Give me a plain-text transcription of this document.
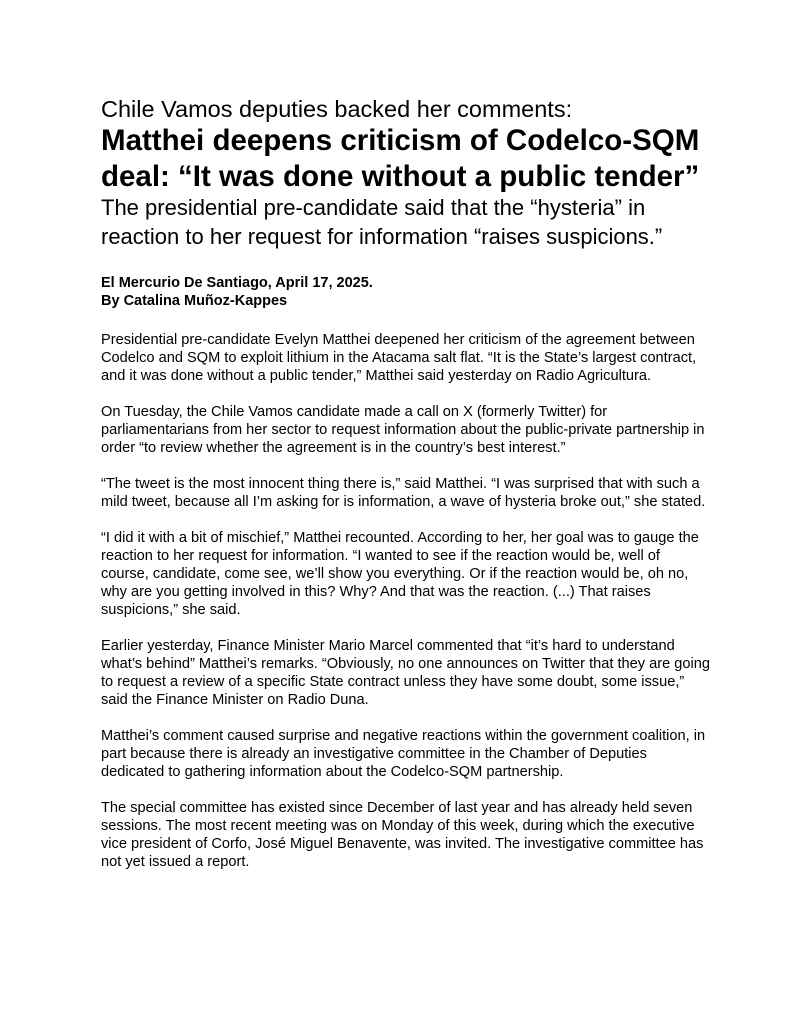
Chile Vamos deputies backed her comments:
Matthei deepens criticism of Codelco-SQM deal: “It was done without a public tender”
The presidential pre-candidate said that the “hysteria” in reaction to her request for information “raises suspicions.”
El Mercurio De Santiago, April 17, 2025.
By Catalina Muñoz-Kappes

Presidential pre-candidate Evelyn Matthei deepened her criticism of the agreement between Codelco and SQM to exploit lithium in the Atacama salt flat. “It is the State’s largest contract, and it was done without a public tender,” Matthei said yesterday on Radio Agricultura.

On Tuesday, the Chile Vamos candidate made a call on X (formerly Twitter) for parliamentarians from her sector to request information about the public-private partnership in order “to review whether the agreement is in the country’s best interest.”

“The tweet is the most innocent thing there is,” said Matthei. “I was surprised that with such a mild tweet, because all I’m asking for is information, a wave of hysteria broke out,” she stated.

“I did it with a bit of mischief,” Matthei recounted. According to her, her goal was to gauge the reaction to her request for information. “I wanted to see if the reaction would be, well of course, candidate, come see, we’ll show you everything. Or if the reaction would be, oh no, why are you getting involved in this? Why? And that was the reaction. (...) That raises suspicions,” she said.

Earlier yesterday, Finance Minister Mario Marcel commented that “it’s hard to understand what’s behind” Matthei’s remarks. “Obviously, no one announces on Twitter that they are going to request a review of a specific State contract unless they have some doubt, some issue,” said the Finance Minister on Radio Duna.

Matthei’s comment caused surprise and negative reactions within the government coalition, in part because there is already an investigative committee in the Chamber of Deputies dedicated to gathering information about the Codelco-SQM partnership.

The special committee has existed since December of last year and has already held seven sessions. The most recent meeting was on Monday of this week, during which the executive vice president of Corfo, José Miguel Benavente, was invited. The investigative committee has not yet issued a report.
